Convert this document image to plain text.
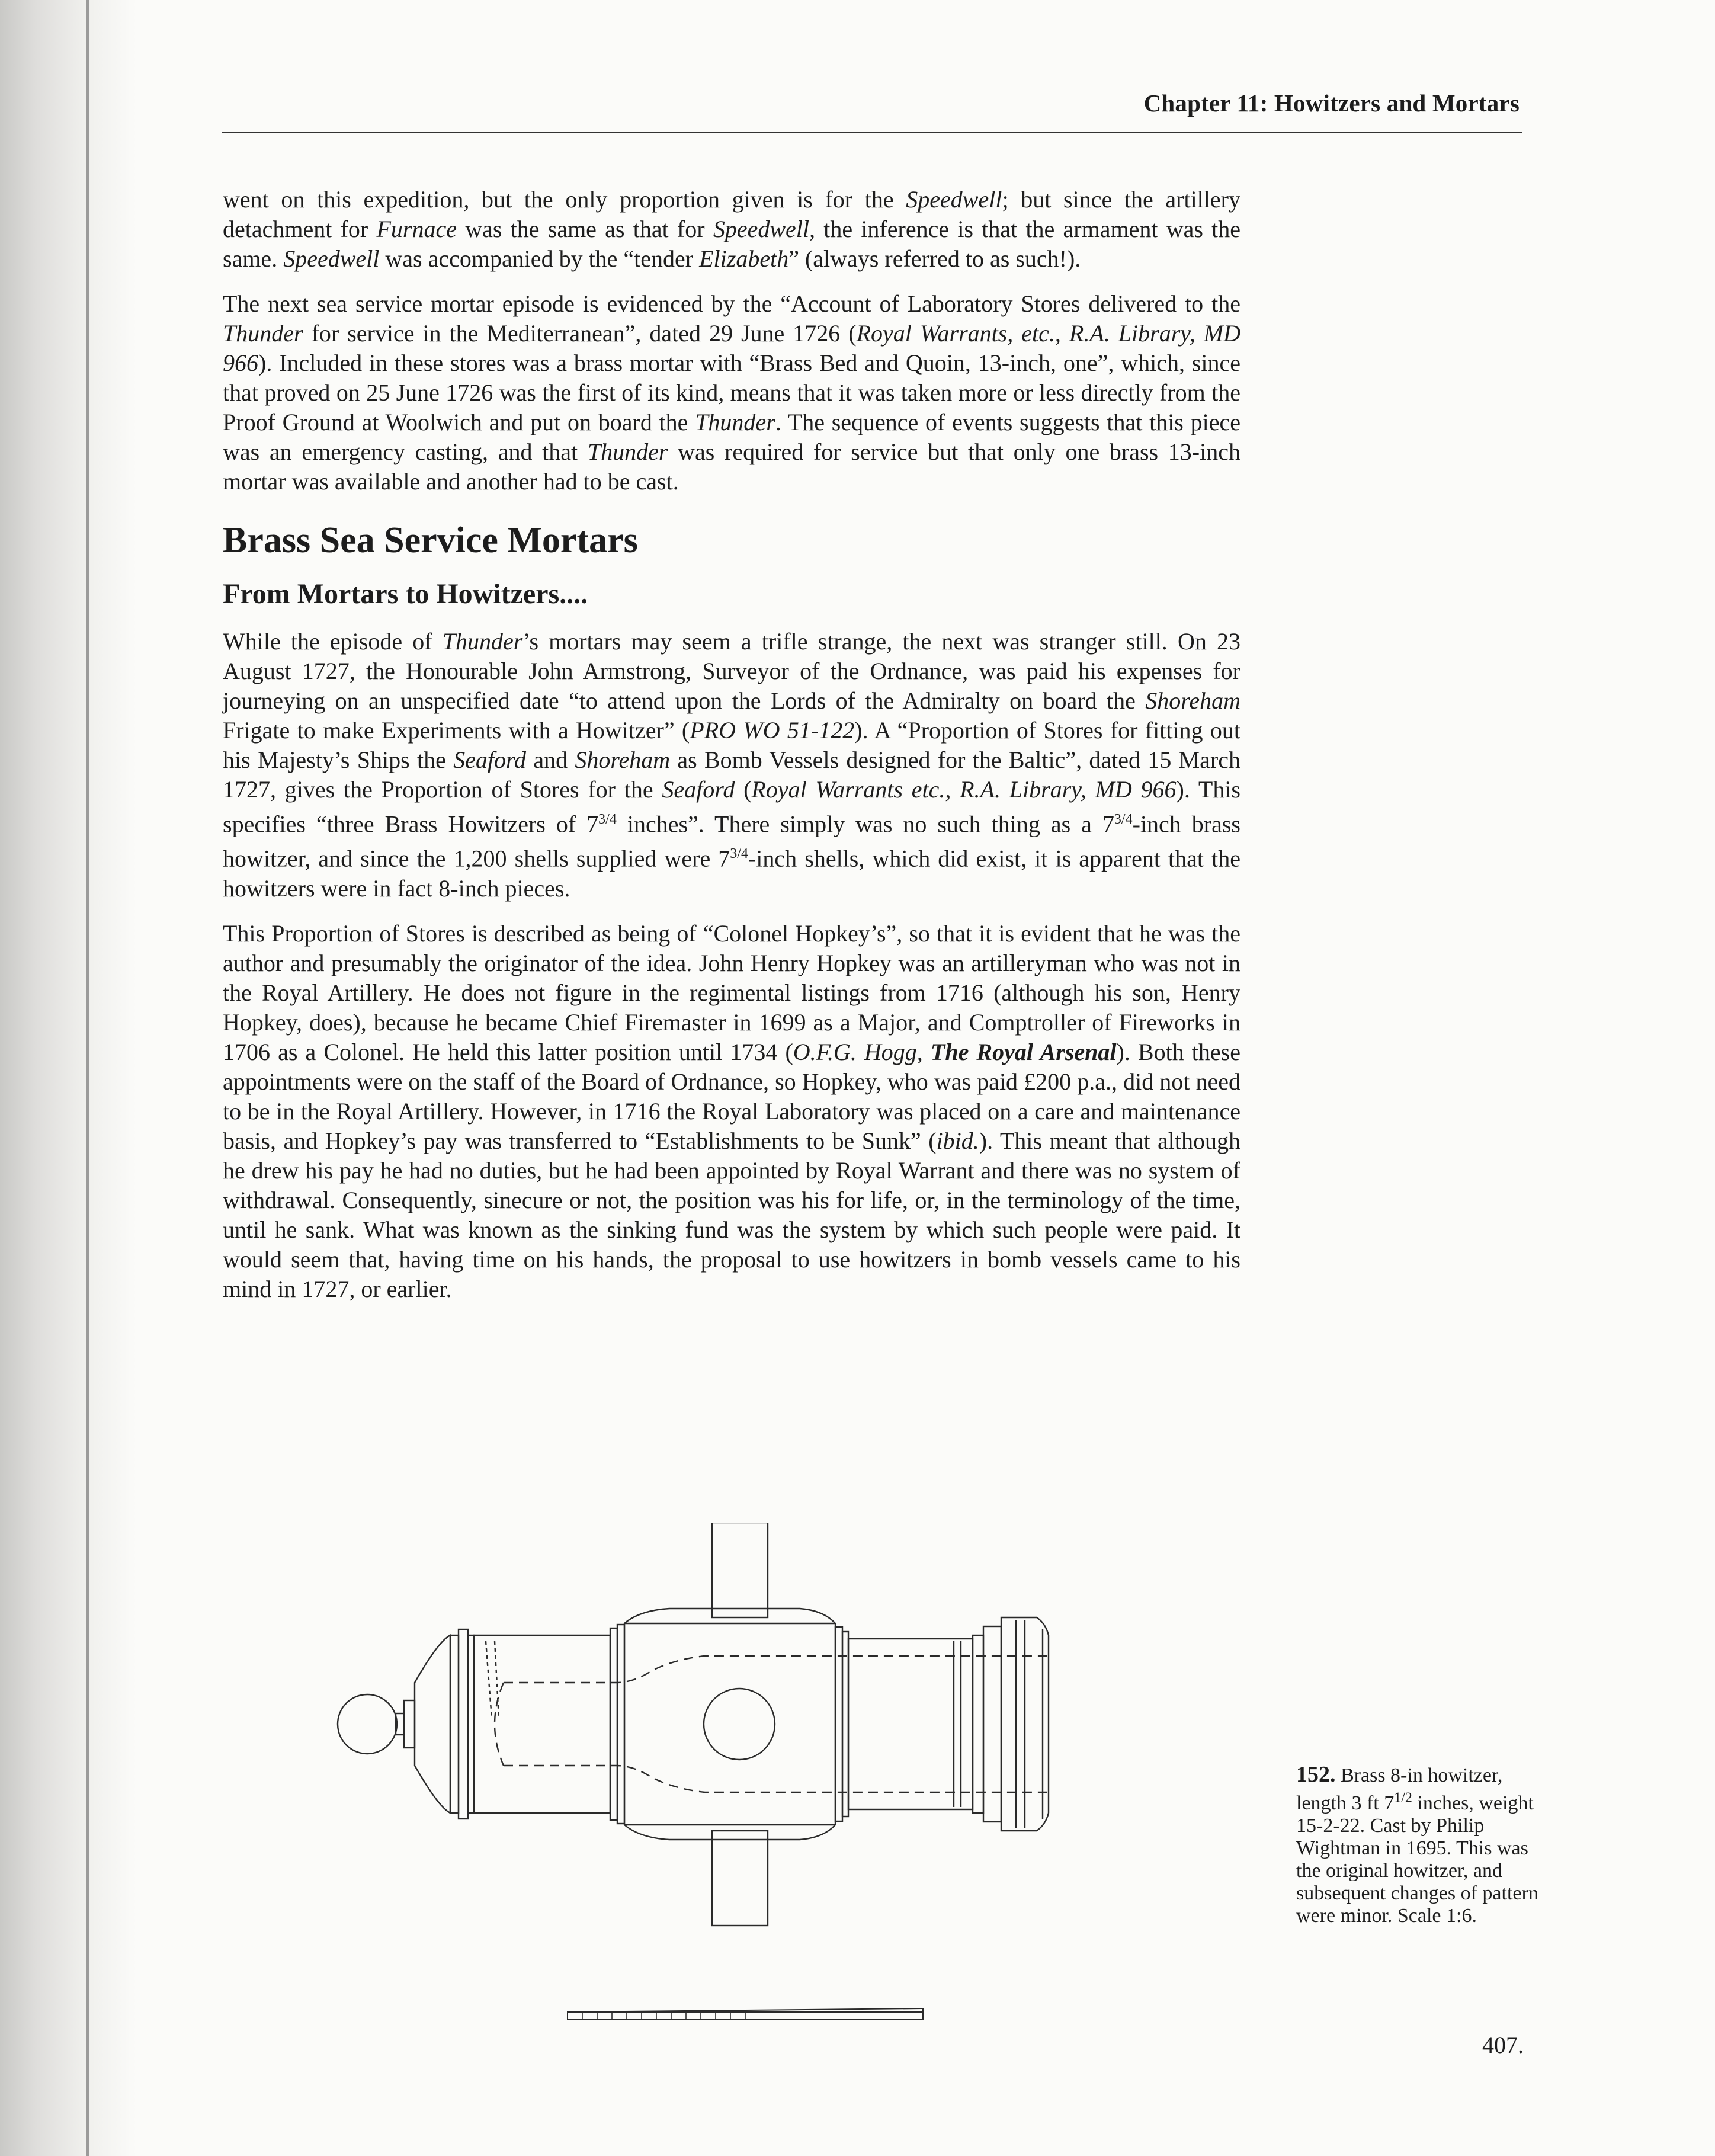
Chapter 11: Howitzers and Mortars

went on this expedition, but the only proportion given is for the Speedwell; but since the artillery detachment for Furnace was the same as that for Speedwell, the inference is that the armament was the same. Speedwell was accompanied by the “tender Elizabeth” (always referred to as such!).

The next sea service mortar episode is evidenced by the “Account of Laboratory Stores delivered to the Thunder for service in the Mediterranean”, dated 29 June 1726 (Royal Warrants, etc., R.A. Library, MD 966). Included in these stores was a brass mortar with “Brass Bed and Quoin, 13-inch, one”, which, since that proved on 25 June 1726 was the first of its kind, means that it was taken more or less directly from the Proof Ground at Woolwich and put on board the Thunder. The sequence of events suggests that this piece was an emergency casting, and that Thunder was required for service but that only one brass 13-inch mortar was available and another had to be cast.

Brass Sea Service Mortars
From Mortars to Howitzers....

While the episode of Thunder’s mortars may seem a trifle strange, the next was stranger still. On 23 August 1727, the Honourable John Armstrong, Surveyor of the Ordnance, was paid his expenses for journeying on an unspecified date “to attend upon the Lords of the Admiralty on board the Shoreham Frigate to make Experiments with a Howitzer” (PRO WO 51-122). A “Proportion of Stores for fitting out his Majesty’s Ships the Seaford and Shoreham as Bomb Vessels designed for the Baltic”, dated 15 March 1727, gives the Proportion of Stores for the Seaford (Royal Warrants etc., R.A. Library, MD 966). This specifies “three Brass Howitzers of $7^{3/4}$ inches”. There simply was no such thing as a $7^{3/4}$-inch brass howitzer, and since the 1,200 shells supplied were $7^{3/4}$-inch shells, which did exist, it is apparent that the howitzers were in fact 8-inch pieces.

This Proportion of Stores is described as being of “Colonel Hopkey’s”, so that it is evident that he was the author and presumably the originator of the idea. John Henry Hopkey was an artilleryman who was not in the Royal Artillery. He does not figure in the regimental listings from 1716 (although his son, Henry Hopkey, does), because he became Chief Firemaster in 1699 as a Major, and Comptroller of Fireworks in 1706 as a Colonel. He held this latter position until 1734 (O.F.G. Hogg, The Royal Arsenal). Both these appointments were on the staff of the Board of Ordnance, so Hopkey, who was paid £200 p.a., did not need to be in the Royal Artillery. However, in 1716 the Royal Laboratory was placed on a care and maintenance basis, and Hopkey’s pay was transferred to “Establishments to be Sunk” (ibid.). This meant that although he drew his pay he had no duties, but he had been appointed by Royal Warrant and there was no system of withdrawal. Consequently, sinecure or not, the position was his for life, or, in the terminology of the time, until he sank. What was known as the sinking fund was the system by which such people were paid. It would seem that, having time on his hands, the proposal to use howitzers in bomb vessels came to his mind in 1727, or earlier.

152. Brass 8-in howitzer, length 3 ft $7^{1/2}$ inches, weight 15-2-22. Cast by Philip Wightman in 1695. This was the original howitzer, and subsequent changes of pattern were minor. Scale 1:6.
407.
